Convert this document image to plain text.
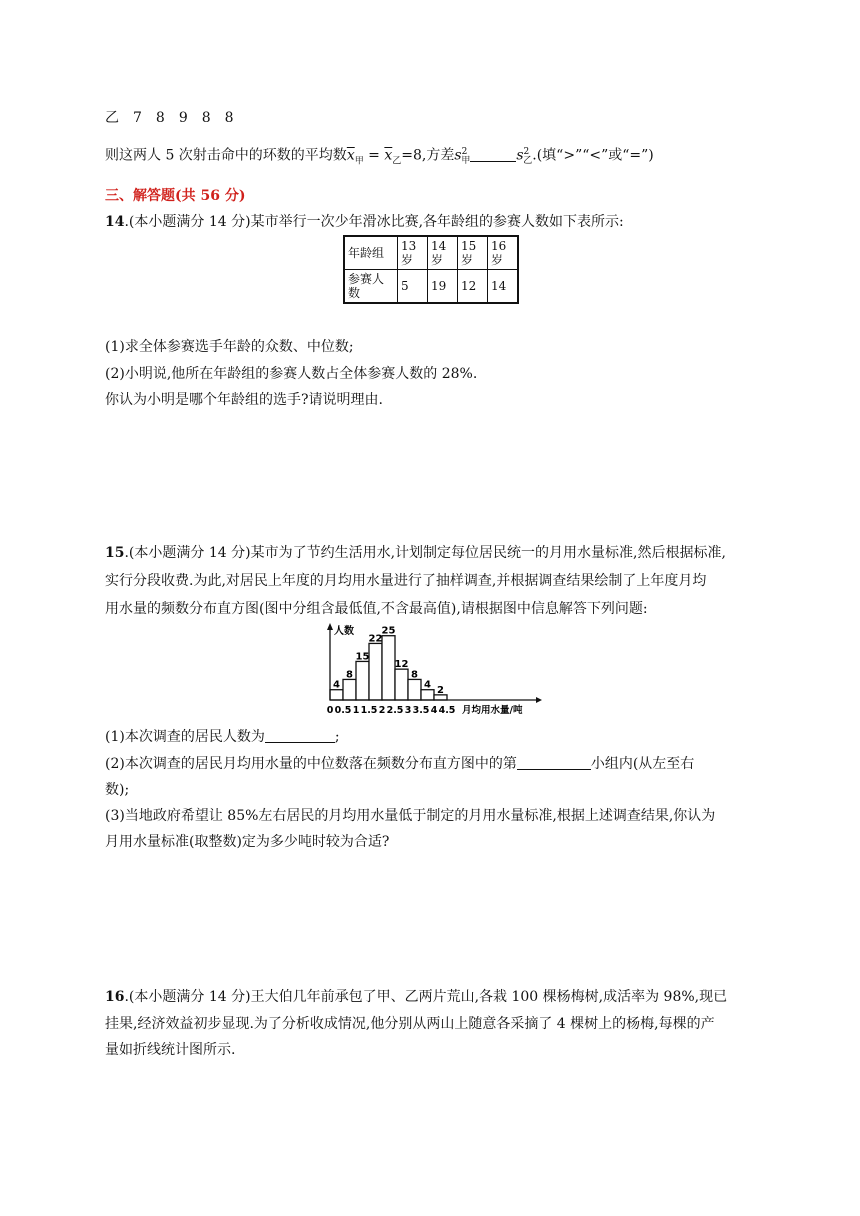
乙　7　8　9　8　8
则这两人 5 次射击命中的环数的平均数$\overline{x}_甲 = \overline{x}_乙=8$,方差$s^2_甲$	$s^2_乙$.(填“>”“<”或“=”)
三、解答题(共 56 分)
14.(本小题满分 14 分)某市举行一次少年滑冰比赛,各年龄组的参赛人数如下表所示:
年龄组	13岁	14岁	15岁	16岁
参赛人数	5	19	12	14
(1)求全体参赛选手年龄的众数、中位数;
(2)小明说,他所在年龄组的参赛人数占全体参赛人数的 28%.
你认为小明是哪个年龄组的选手?请说明理由.
15.(本小题满分 14 分)某市为了节约生活用水,计划制定每位居民统一的月用水量标准,然后根据标准,
实行分段收费.为此,对居民上年度的月均用水量进行了抽样调查,并根据调查结果绘制了上年度月均
用水量的频数分布直方图(图中分组含最低值,不含最高值),请根据图中信息解答下列问题:
4
8
15
22
25
12
8
4 2
人数
0 0.5 1 1.5 2 2.5 3 3.5 4 4.5 月均用水量/吨
(1)本次调查的居民人数为	;
(2)本次调查的居民月均用水量的中位数落在频数分布直方图中的第	小组内(从左至右
数);
(3)当地政府希望让 85%左右居民的月均用水量低于制定的月用水量标准,根据上述调查结果,你认为
月用水量标准(取整数)定为多少吨时较为合适?
16.(本小题满分 14 分)王大伯几年前承包了甲、乙两片荒山,各栽 100 棵杨梅树,成活率为 98%,现已
挂果,经济效益初步显现.为了分析收成情况,他分别从两山上随意各采摘了 4 棵树上的杨梅,每棵的产
量如折线统计图所示.
